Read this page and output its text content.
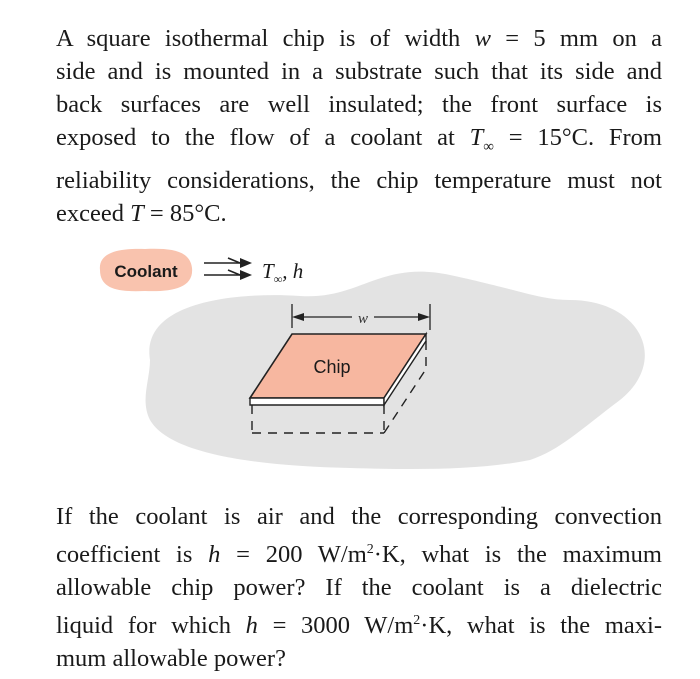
A square isothermal chip is of width w = 5 mm on a
side and is mounted in a substrate such that its side and
back surfaces are well insulated; the front surface is
exposed to the flow of a coolant at $T_\infty = 15^\circ C$. From
reliability considerations, the chip temperature must not
exceed T = 85°C.
Coolant	$T_\infty$, h
w
Chip
If the coolant is air and the corresponding convection
coefficient is h = 200 $W/m^2\cdot K$, what is the maximum
allowable chip power? If the coolant is a dielectric
liquid for which h = 3000 $W/m^2\cdot K$, what is the maxi-
mum allowable power?
